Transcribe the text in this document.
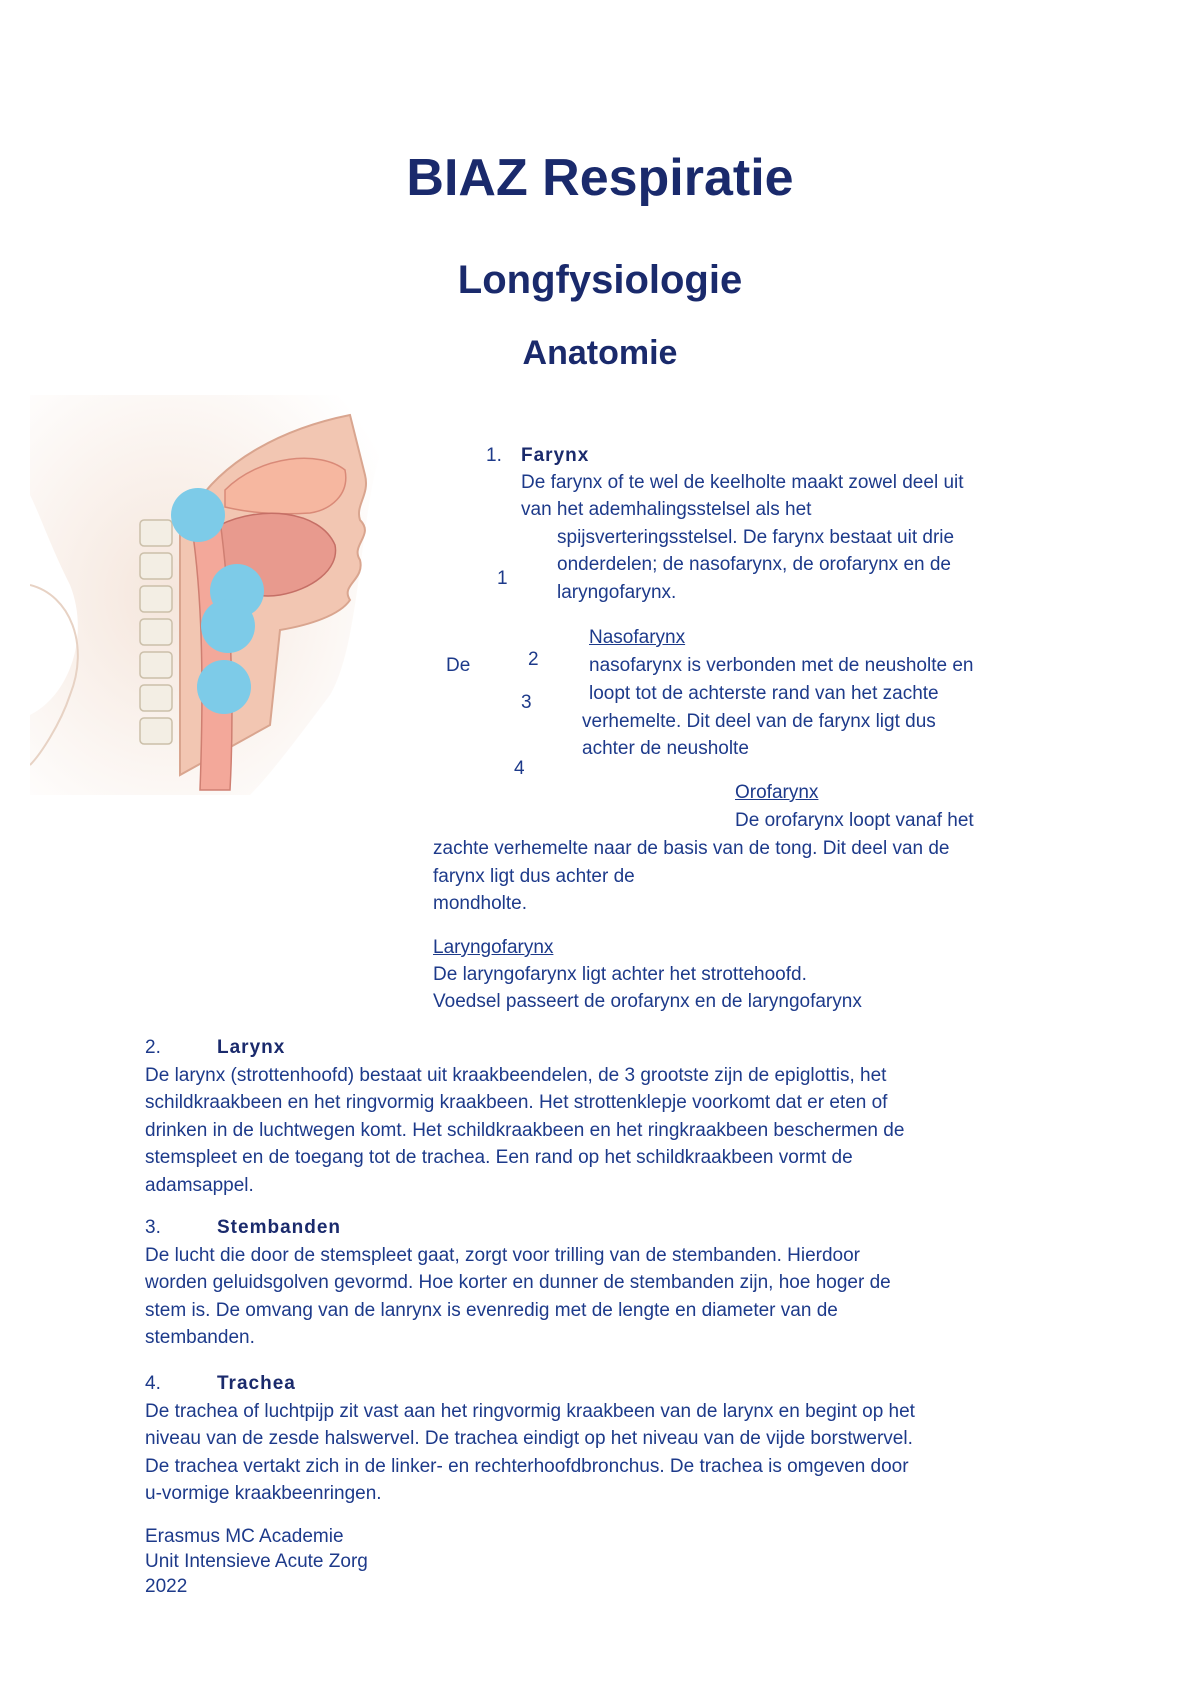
BIAZ Respiratie
Longfysiologie
Anatomie
1
2
3
4
1. Farynx
De farynx of te wel de keelholte maakt zowel deel uit
van het ademhalingsstelsel als het
spijsverteringsstelsel. De farynx bestaat uit drie
onderdelen; de nasofarynx, de orofarynx en de
laryngofarynx.
Nasofarynx
De	nasofarynx is verbonden met de neusholte en
loopt tot de achterste rand van het zachte
verhemelte. Dit deel van de farynx ligt dus
achter de neusholte
Orofarynx
De orofarynx loopt vanaf het
zachte verhemelte naar de basis van de tong. Dit deel van de
farynx ligt dus achter de
mondholte.
Laryngofarynx
De laryngofarynx ligt achter het strottehoofd.
Voedsel passeert de orofarynx en de laryngofarynx
2.	Larynx
De larynx (strottenhoofd) bestaat uit kraakbeendelen, de 3 grootste zijn de epiglottis, het
schildkraakbeen en het ringvormig kraakbeen. Het strottenklepje voorkomt dat er eten of
drinken in de luchtwegen komt. Het schildkraakbeen en het ringkraakbeen beschermen de
stemspleet en de toegang tot de trachea. Een rand op het schildkraakbeen vormt de
adamsappel.
3.	Stembanden
De lucht die door de stemspleet gaat, zorgt voor trilling van de stembanden. Hierdoor
worden geluidsgolven gevormd. Hoe korter en dunner de stembanden zijn, hoe hoger de
stem is. De omvang van de lanrynx is evenredig met de lengte en diameter van de
stembanden.
4.	Trachea
De trachea of luchtpijp zit vast aan het ringvormig kraakbeen van de larynx en begint op het
niveau van de zesde halswervel. De trachea eindigt op het niveau van de vijde borstwervel.
De trachea vertakt zich in de linker- en rechterhoofdbronchus. De trachea is omgeven door
u-vormige kraakbeenringen.
Erasmus MC Academie
Unit Intensieve Acute Zorg
2022
